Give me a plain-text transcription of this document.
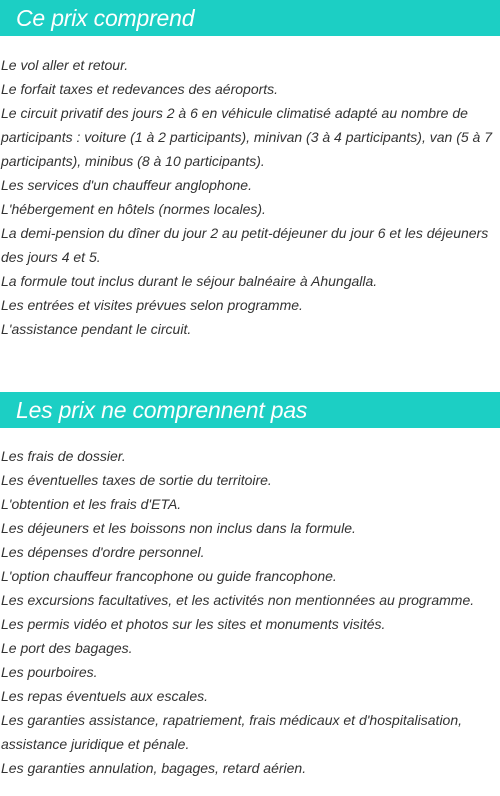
Ce prix comprend
Le vol aller et retour.
Le forfait taxes et redevances des aéroports.
Le circuit privatif des jours 2 à 6 en véhicule climatisé adapté au nombre de participants : voiture (1 à 2 participants), minivan (3 à 4 participants), van (5 à 7 participants), minibus (8 à 10 participants).
Les services d'un chauffeur anglophone.
L'hébergement en hôtels (normes locales).
La demi-pension du dîner du jour 2 au petit-déjeuner du jour 6 et les déjeuners des jours 4 et 5.
La formule tout inclus durant le séjour balnéaire à Ahungalla.
Les entrées et visites prévues selon programme.
L'assistance pendant le circuit.
Les prix ne comprennent pas
Les frais de dossier.
Les éventuelles taxes de sortie du territoire.
L'obtention et les frais d'ETA.
Les déjeuners et les boissons non inclus dans la formule.
Les dépenses d'ordre personnel.
L'option chauffeur francophone ou guide francophone.
Les excursions facultatives, et les activités non mentionnées au programme.
Les permis vidéo et photos sur les sites et monuments visités.
Le port des bagages.
Les pourboires.
Les repas éventuels aux escales.
Les garanties assistance, rapatriement, frais médicaux et d'hospitalisation, assistance juridique et pénale.
Les garanties annulation, bagages, retard aérien.
